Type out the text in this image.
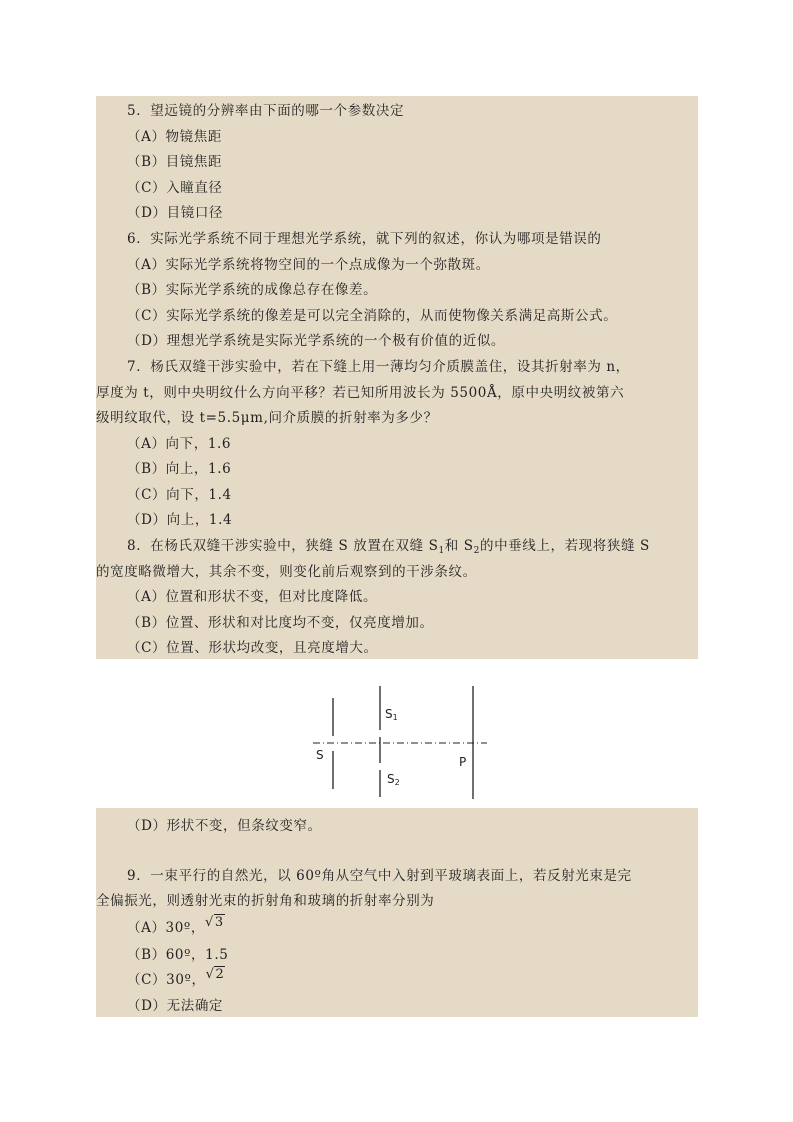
5．望远镜的分辨率由下面的哪一个参数决定
（A）物镜焦距
（B）目镜焦距
（C）入瞳直径
（D）目镜口径
6．实际光学系统不同于理想光学系统，就下列的叙述，你认为哪项是错误的
（A）实际光学系统将物空间的一个点成像为一个弥散斑。
（B）实际光学系统的成像总存在像差。
（C）实际光学系统的像差是可以完全消除的，从而使物像关系满足高斯公式。
（D）理想光学系统是实际光学系统的一个极有价值的近似。
7．杨氏双缝干涉实验中，若在下缝上用一薄均匀介质膜盖住，设其折射率为 n，
厚度为 t，则中央明纹什么方向平移？若已知所用波长为 5500Å，原中央明纹被第六
级明纹取代，设 t=5.5μm,问介质膜的折射率为多少？
（A）向下，1.6
（B）向上，1.6
（C）向下，1.4
（D）向上，1.4
8．在杨氏双缝干涉实验中，狭缝 S 放置在双缝 $S_1$和 $S_2$的中垂线上，若现将狭缝 S
的宽度略微增大，其余不变，则变化前后观察到的干涉条纹。
（A）位置和形状不变，但对比度降低。
（B）位置、形状和对比度均不变，仅亮度增加。
（C）位置、形状均改变，且亮度增大。
S
S1
S2
P
（D）形状不变，但条纹变窄。
9．一束平行的自然光，以 60º角从空气中入射到平玻璃表面上，若反射光束是完
全偏振光，则透射光束的折射角和玻璃的折射率分别为
（A）30º，√3
（B）60º，1.5
（C）30º，√2
（D）无法确定
